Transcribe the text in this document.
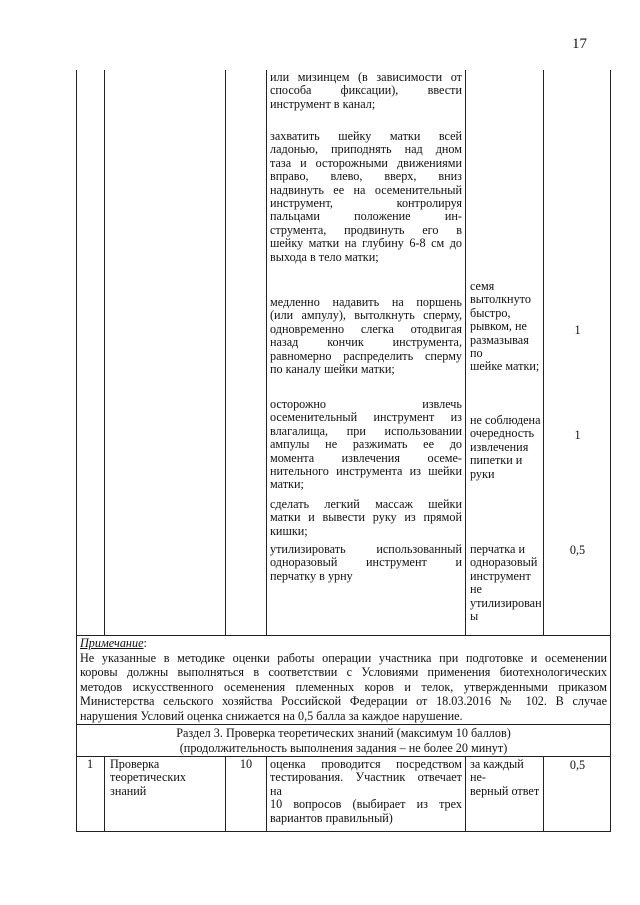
17
или мизинцем (в зависимости от
способа фиксации), ввести
инструмент в канал;
захватить шейку матки всей
ладонью, приподнять над дном
таза и осторожными движениями
вправо, влево, вверх, вниз
надвинуть ее на осеменительный
инструмент, контролируя
пальцами положение ин-
струмента, продвинуть его в
шейку матки на глубину 6-8 см до
выхода в тело матки;
медленно надавить на поршень
(или ампулу), вытолкнуть сперму,
одновременно слегка отодвигая
назад кончик инструмента,
равномерно распределить сперму
по каналу шейки матки;
семя
вытолкнуто
быстро,
рывком, не
размазывая по
шейке матки;
1
осторожно извлечь
осеменительный инструмент из
влагалища, при использовании
ампулы не разжимать ее до
момента извлечения осеме-
нительного инструмента из шейки
матки;
не соблюдена
очередность
извлечения
пипетки и
руки
1
сделать легкий массаж шейки
матки и вывести руку из прямой
кишки;
утилизировать использованный
одноразовый инструмент и
перчатку в урну
перчатка и
одноразовый
инструмент не
утилизирован
ы
0,5
Примечание:
Не указанные в методике оценки работы операции участника при подготовке и осеменении
коровы должны выполняться в соответствии с Условиями применения биотехнологических
методов искусственного осеменения племенных коров и телок, утвержденными приказом
Министерства сельского хозяйства Российской Федерации от 18.03.2016 № 102. В случае
нарушения Условий оценка снижается на 0,5 балла за каждое нарушение.
Раздел 3. Проверка теоретических знаний (максимум 10 баллов)
(продолжительность выполнения задания – не более 20 минут)
1	Проверка
теоретических
знаний
10	оценка проводится посредством
тестирования. Участник отвечает
на
10 вопросов (выбирает из трех
вариантов правильный)
за каждый не-
верный ответ
0,5
